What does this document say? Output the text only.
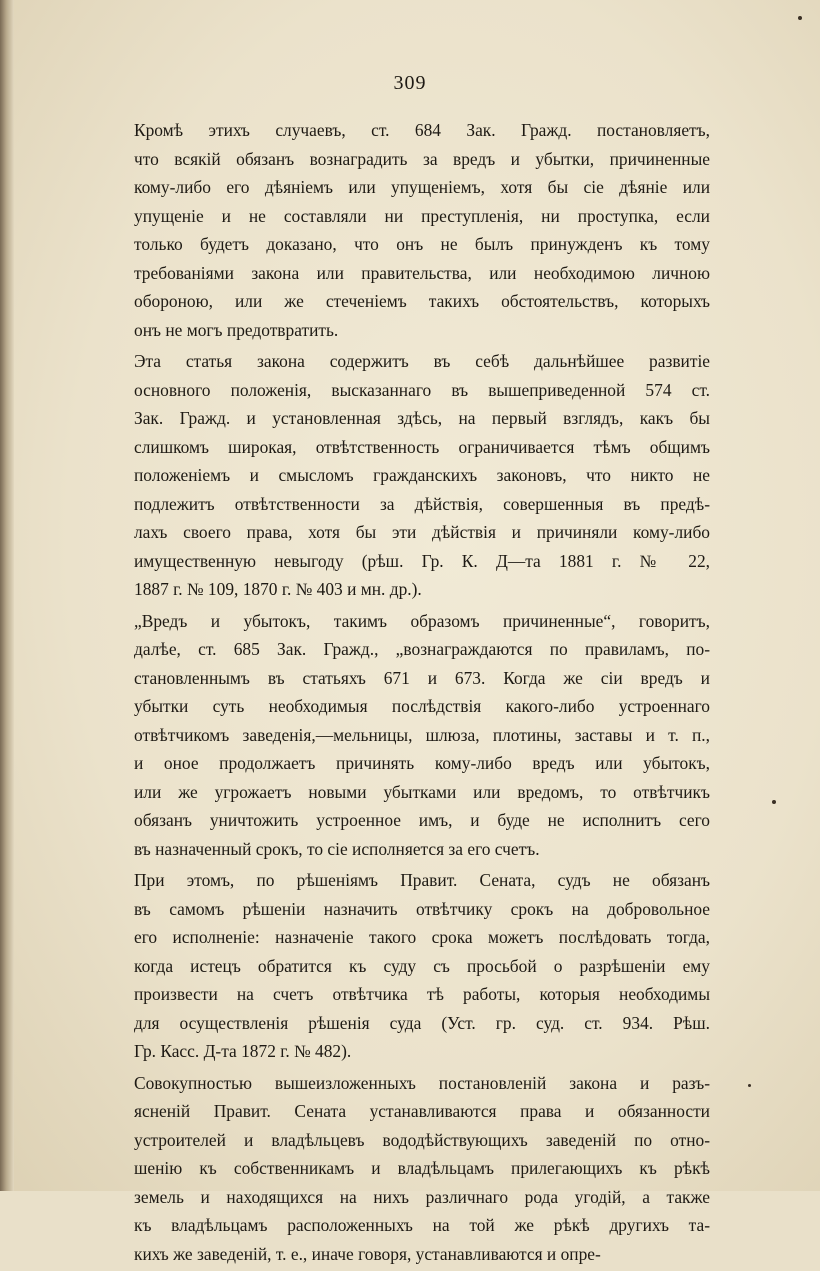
309
Кромѣ этихъ случаевъ, ст. 684 Зак. Гражд. постановляетъ,
что всякій обязанъ вознаградить за вредъ и убытки, причиненные
кому-либо его дѣяніемъ или упущеніемъ, хотя бы сіе дѣяніе или
упущеніе и не составляли ни преступленія, ни проступка, если
только будетъ доказано, что онъ не былъ принужденъ къ тому
требованіями закона или правительства, или необходимою личною
обороною, или же стеченіемъ такихъ обстоятельствъ, которыхъ
онъ не могъ предотвратить.
Эта статья закона содержитъ въ себѣ дальнѣйшее развитіе
основного положенія, высказаннаго въ вышеприведенной 574 ст.
Зак. Гражд. и установленная здѣсь, на первый взглядъ, какъ бы
слишкомъ широкая, отвѣтственность ограничивается тѣмъ общимъ
положеніемъ и смысломъ гражданскихъ законовъ, что никто не
подлежитъ отвѣтственности за дѣйствія, совершенныя въ предѣ-
лахъ своего права, хотя бы эти дѣйствія и причиняли кому-либо
имущественную невыгоду (рѣш. Гр. К. Д—та 1881 г. № 22,
1887 г. № 109, 1870 г. № 403 и мн. др.).
„Вредъ и убытокъ, такимъ образомъ причиненные“, говоритъ,
далѣе, ст. 685 Зак. Гражд., „вознаграждаются по правиламъ, по-
становленнымъ въ статьяхъ 671 и 673. Когда же сіи вредъ и
убытки суть необходимыя послѣдствія какого-либо устроеннаго
отвѣтчикомъ заведенія,—мельницы, шлюза, плотины, заставы и т. п.,
и оное продолжаетъ причинять кому-либо вредъ или убытокъ,
или же угрожаетъ новыми убытками или вредомъ, то отвѣтчикъ
обязанъ уничтожить устроенное имъ, и буде не исполнитъ сего
въ назначенный срокъ, то сіе исполняется за его счетъ.
При этомъ, по рѣшеніямъ Правит. Сената, судъ не обязанъ
въ самомъ рѣшеніи назначить отвѣтчику срокъ на добровольное
его исполненіе: назначеніе такого срока можетъ послѣдовать тогда,
когда истецъ обратится къ суду съ просьбой о разрѣшеніи ему
произвести на счетъ отвѣтчика тѣ работы, которыя необходимы
для осуществленія рѣшенія суда (Уст. гр. суд. ст. 934. Рѣш.
Гр. Касс. Д-та 1872 г. № 482).
Совокупностью вышеизложенныхъ постановленій закона и разъ-
ясненій Правит. Сената устанавливаются права и обязанности
устроителей и владѣльцевъ вододѣйствующихъ заведеній по отно-
шенію къ собственникамъ и владѣльцамъ прилегающихъ къ рѣкѣ
земель и находящихся на нихъ различнаго рода угодій, а также
къ владѣльцамъ расположенныхъ на той же рѣкѣ другихъ та-
кихъ же заведеній, т. е., иначе говоря, устанавливаются и опре-
